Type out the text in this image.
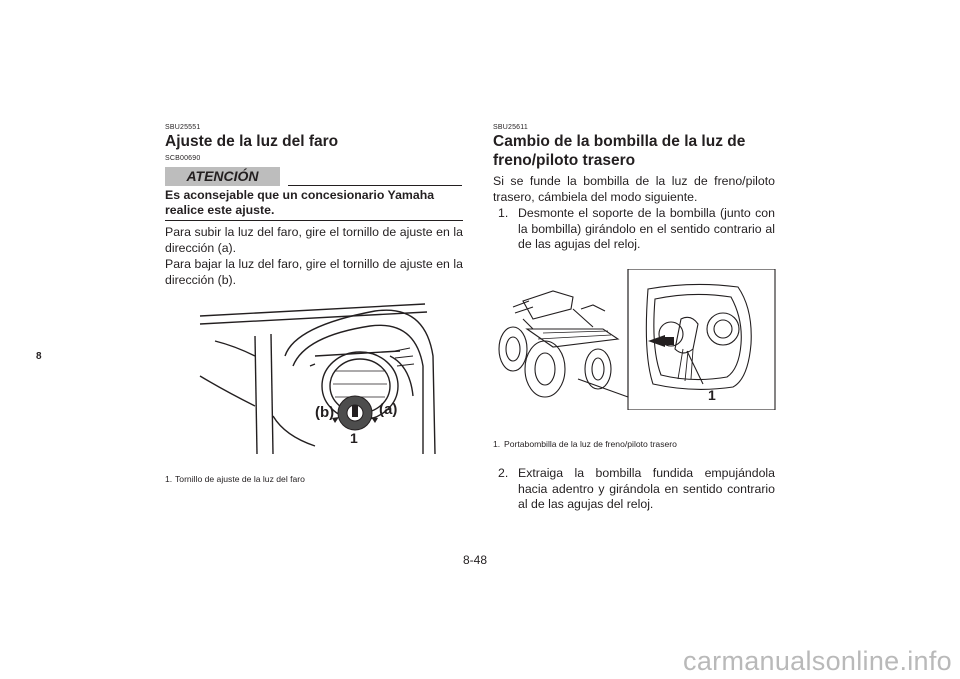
8
SBU25551
Ajuste de la luz del faro
SCB00690
ATENCIÓN
Es aconsejable que un concesionario Yamaha realice este ajuste.
Para subir la luz del faro, gire el tornillo de ajuste en la dirección (a).
Para bajar la luz del faro, gire el tornillo de ajuste en la dirección (b).
(b)	(a)
1
1. Tornillo de ajuste de la luz del faro
SBU25611
Cambio de la bombilla de la luz de
freno/piloto trasero
Si se funde la bombilla de la luz de freno/piloto trasero, cámbiela del modo siguiente.
1. Desmonte el soporte de la bombilla (junto con la bombilla) girándolo en el sentido contrario al de las agujas del reloj.
1
1. Portabombilla de la luz de freno/piloto trasero
2. Extraiga la bombilla fundida empujándola hacia adentro y girándola en sentido contrario al de las agujas del reloj.
8-48
carmanualsonline.info
